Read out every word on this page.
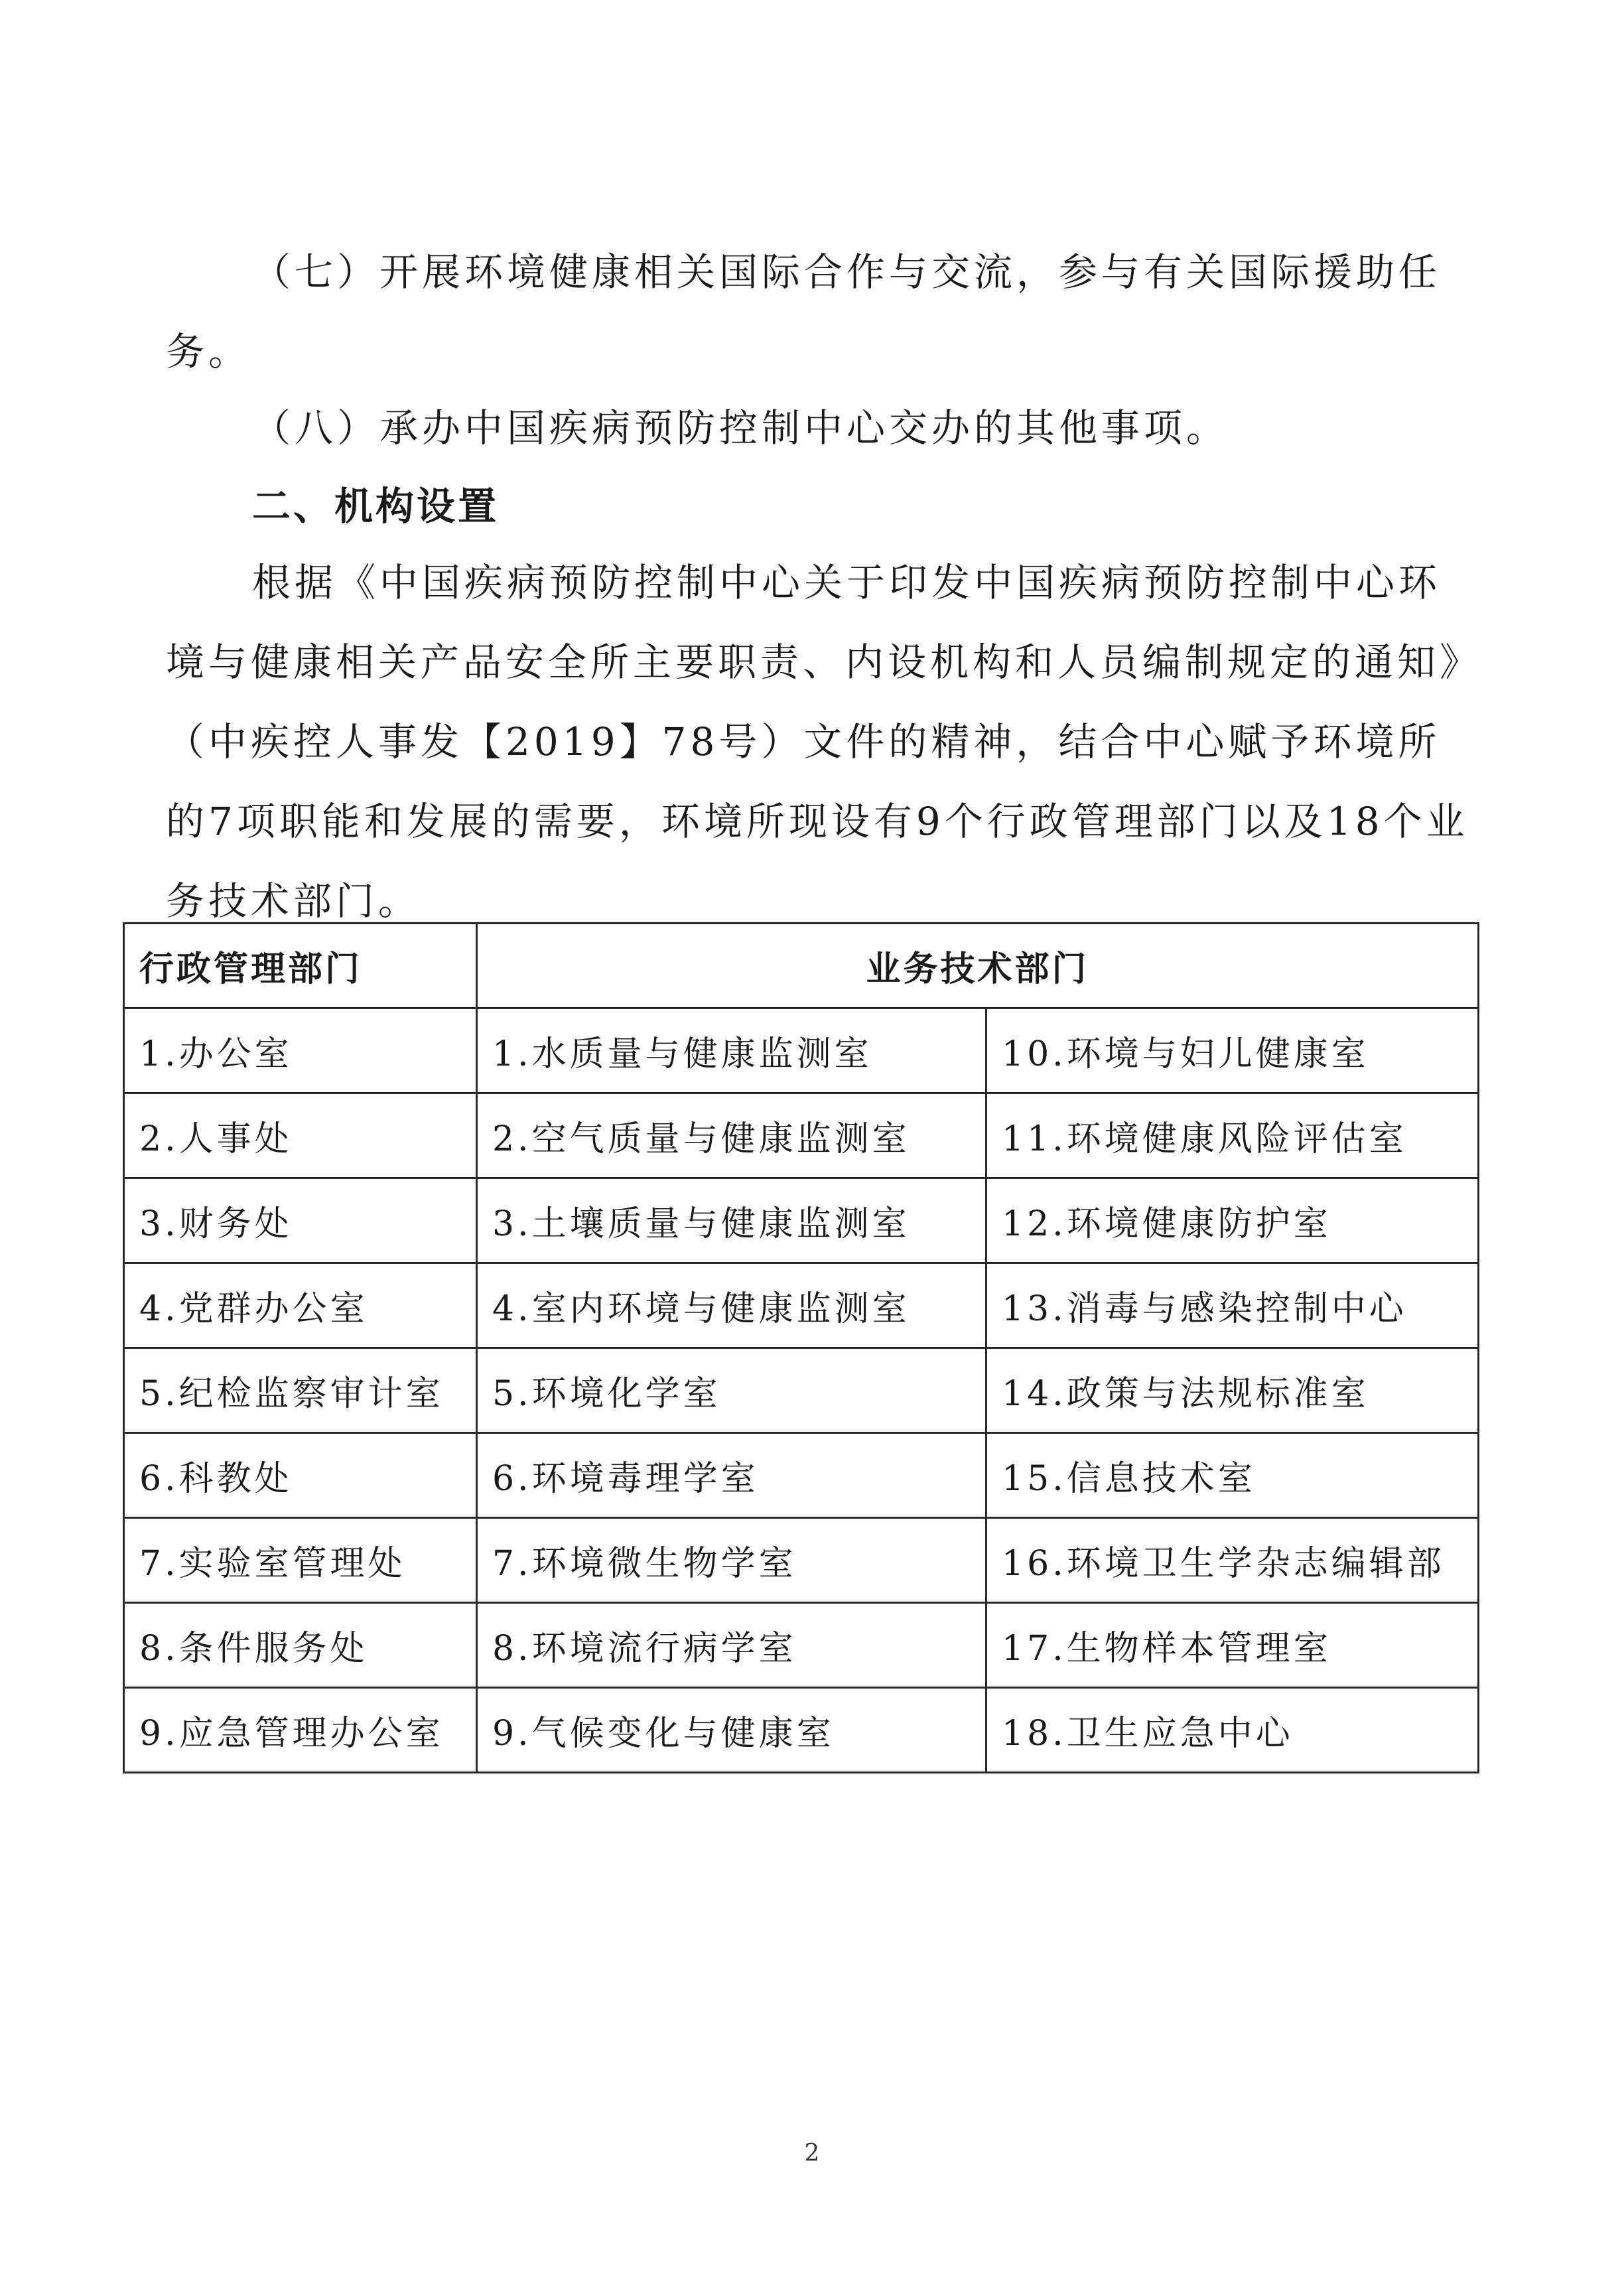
（七）开展环境健康相关国际合作与交流，参与有关国际援助任务。

（八）承办中国疾病预防控制中心交办的其他事项。

二、机构设置

根据《中国疾病预防控制中心关于印发中国疾病预防控制中心环境与健康相关产品安全所主要职责、内设机构和人员编制规定的通知》（中疾控人事发【2019】78号）文件的精神，结合中心赋予环境所的7项职能和发展的需要，环境所现设有9个行政管理部门以及18个业务技术部门。

行政管理部门	业务技术部门	
1.办公室	1.水质量与健康监测室	10.环境与妇儿健康室
2.人事处	2.空气质量与健康监测室	11.环境健康风险评估室
3.财务处	3.土壤质量与健康监测室	12.环境健康防护室
4.党群办公室	4.室内环境与健康监测室	13.消毒与感染控制中心
5.纪检监察审计室	5.环境化学室	14.政策与法规标准室
6.科教处	6.环境毒理学室	15.信息技术室
7.实验室管理处	7.环境微生物学室	16.环境卫生学杂志编辑部
8.条件服务处	8.环境流行病学室	17.生物样本管理室
9.应急管理办公室	9.气候变化与健康室	18.卫生应急中心
2
